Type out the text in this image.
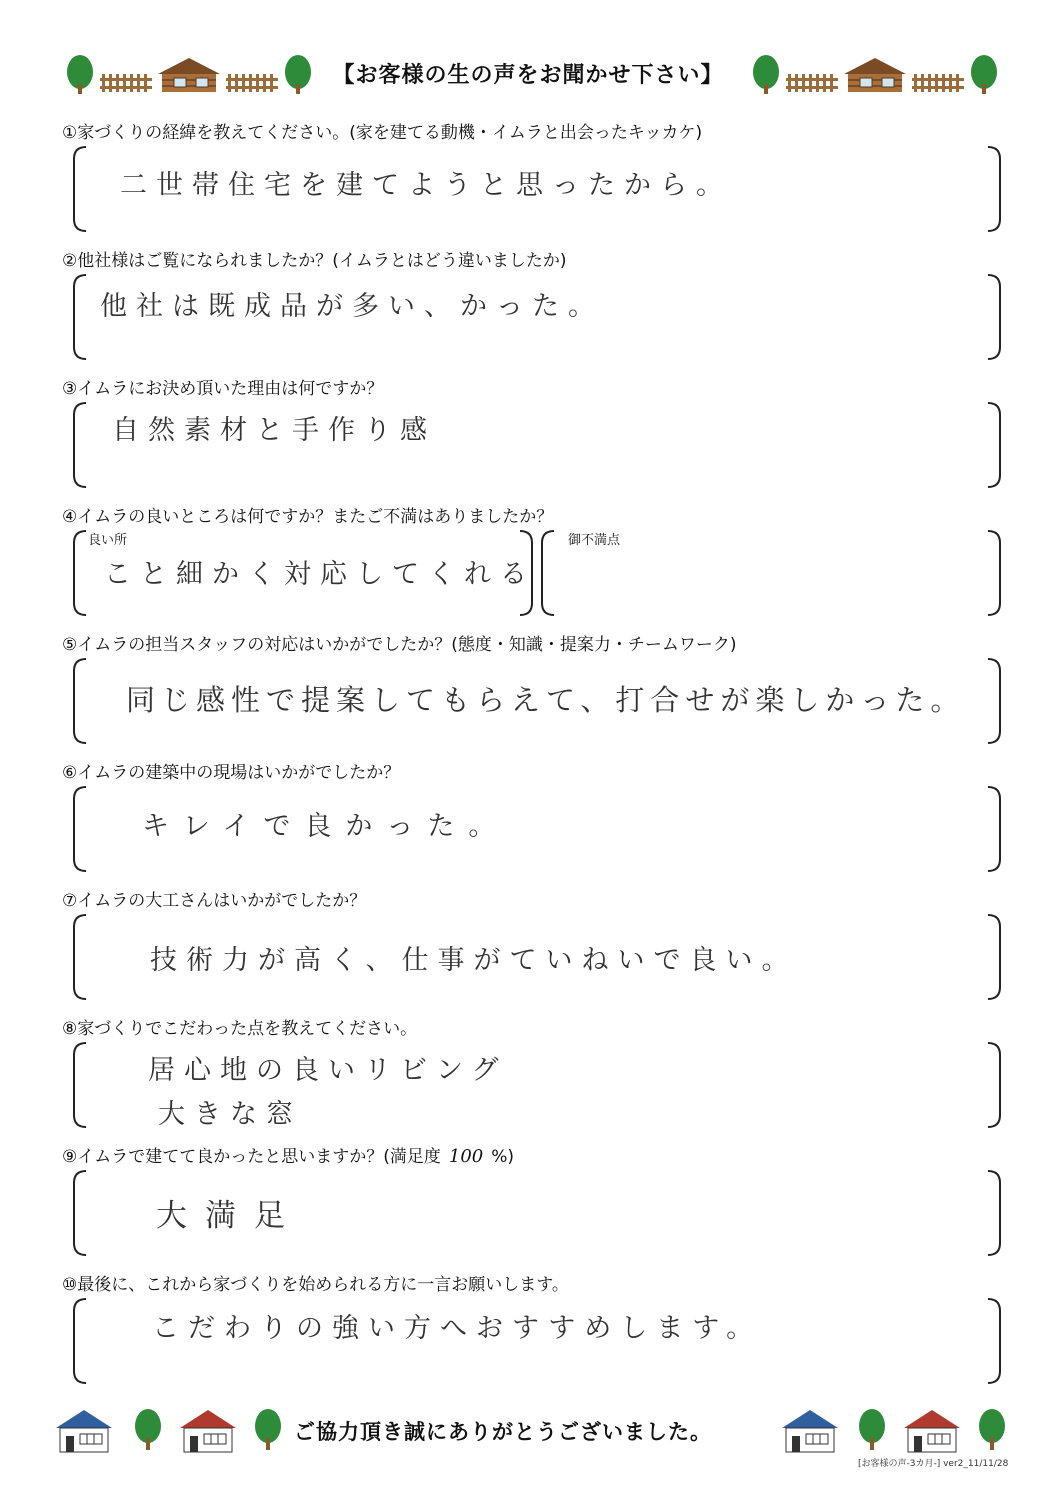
【お客様の生の声をお聞かせ下さい】
①家づくりの経緯を教えてください。(家を建てる動機・イムラと出会ったキッカケ)
二世帯住宅を建てようと思ったから。
②他社様はご覧になられましたか？(イムラとはどう違いましたか)
他社は既成品が多い、かった。
③イムラにお決め頂いた理由は何ですか？
自然素材と手作り感
④イムラの良いところは何ですか？またご不満はありましたか？
良い所
こと細かく対応してくれる
御不満点
⑤イムラの担当スタッフの対応はいかがでしたか？(態度・知識・提案力・チームワーク)
同じ感性で提案してもらえて、打合せが楽しかった。
⑥イムラの建築中の現場はいかがでしたか？
キレイで良かった。
⑦イムラの大工さんはいかがでしたか？
技術力が高く、仕事がていねいで良い。
⑧家づくりでこだわった点を教えてください。
居心地の良いリビング
大きな窓
⑨イムラで建てて良かったと思いますか？(満足度 100 %)
大満足
⑩最後に、これから家づくりを始められる方に一言お願いします。
こだわりの強い方へおすすめします。
ご協力頂き誠にありがとうございました。
[お客様の声-3カ月-] ver2_11/11/28
